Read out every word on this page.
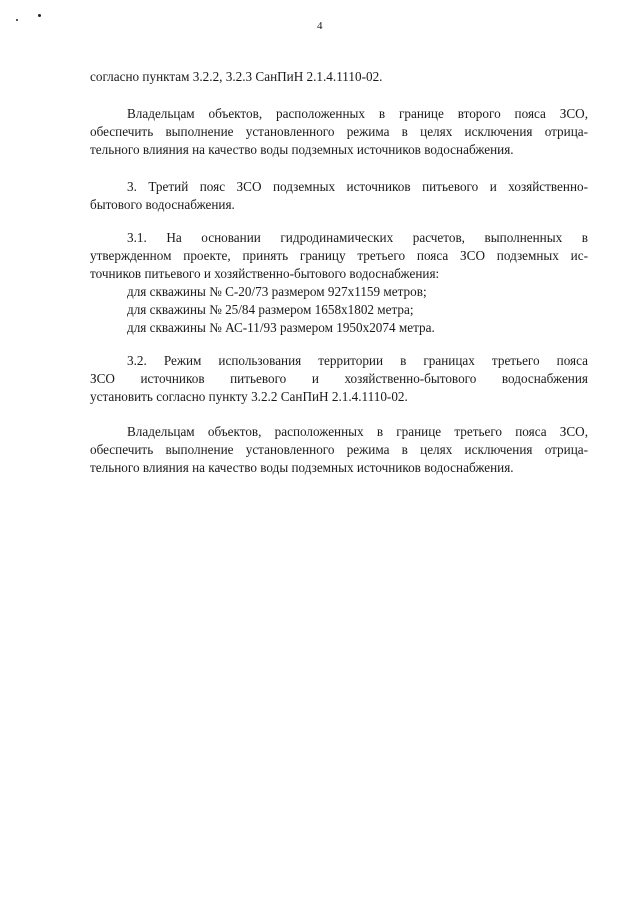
4
согласно пунктам 3.2.2, 3.2.3 СанПиН 2.1.4.1110-02.
Владельцам объектов, расположенных в границе второго пояса ЗСО,
обеспечить выполнение установленного режима в целях исключения отрица-
тельного влияния на качество воды подземных источников водоснабжения.
3. Третий пояс ЗСО подземных источников питьевого и хозяйственно-
бытового водоснабжения.
3.1. На основании гидродинамических расчетов, выполненных в
утвержденном проекте, принять границу третьего пояса ЗСО подземных ис-
точников питьевого и хозяйственно-бытового водоснабжения:
для скважины № С-20/73 размером 927х1159 метров;
для скважины № 25/84 размером 1658х1802 метра;
для скважины № АС-11/93 размером 1950х2074 метра.
3.2. Режим использования территории в границах третьего пояса
ЗСО источников питьевого и хозяйственно-бытового водоснабжения
установить согласно пункту 3.2.2 СанПиН 2.1.4.1110-02.
Владельцам объектов, расположенных в границе третьего пояса ЗСО,
обеспечить выполнение установленного режима в целях исключения отрица-
тельного влияния на качество воды подземных источников водоснабжения.
